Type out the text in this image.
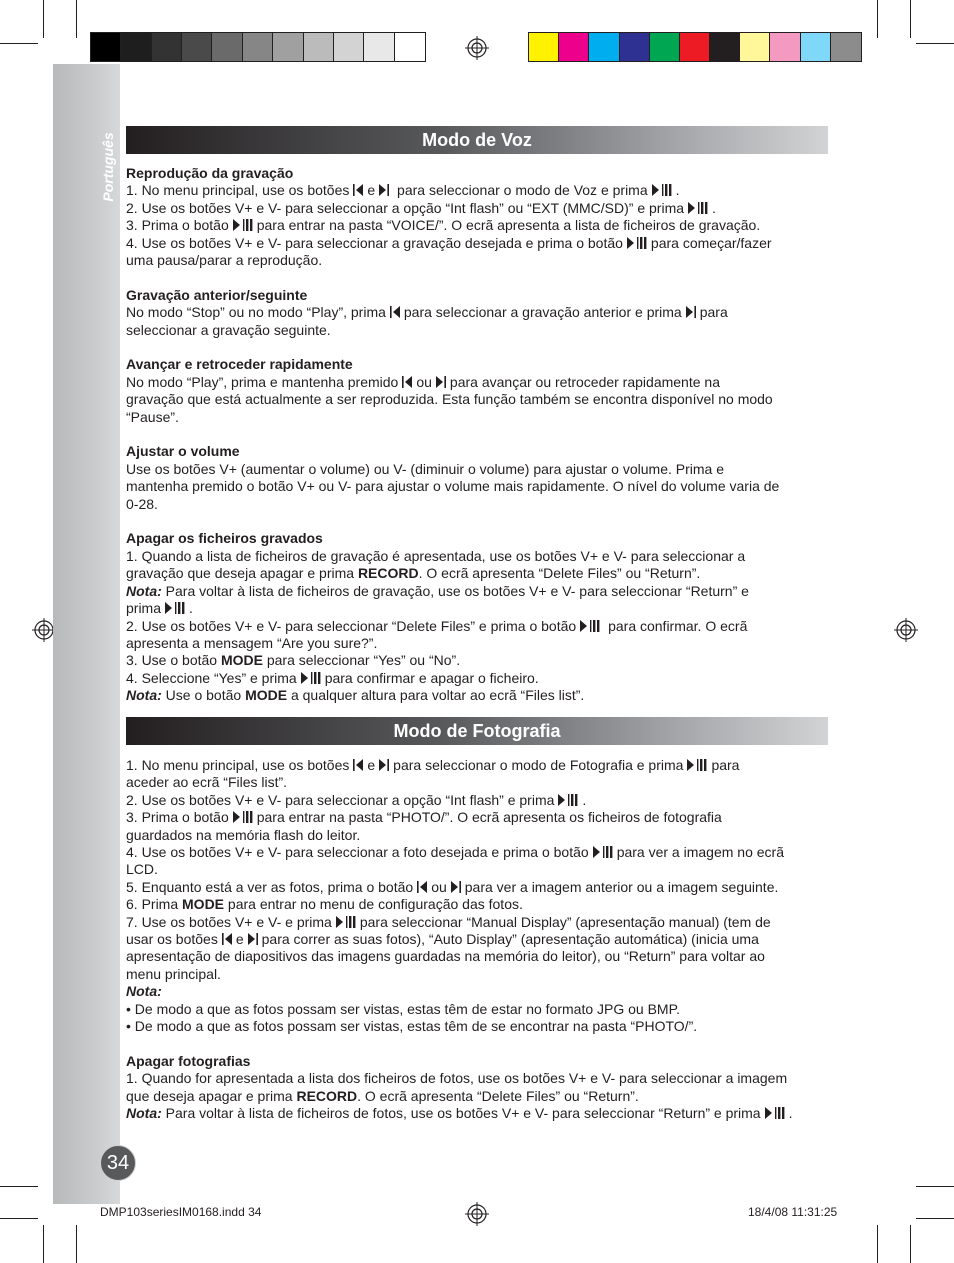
Português
34
Modo de Voz

Reprodução da gravação

1. No menu principal, use os botões e para seleccionar o modo de Voz e prima .

2. Use os botões V+ e V- para seleccionar a opção “Int flash” ou “EXT (MMC/SD)” e prima .

3. Prima o botão para entrar na pasta “VOICE/”. O ecrã apresenta a lista de ficheiros de gravação.

4. Use os botões V+ e V- para seleccionar a gravação desejada e prima o botão para começar/fazer

uma pausa/parar a reprodução.

Gravação anterior/seguinte

No modo “Stop” ou no modo “Play”, prima para seleccionar a gravação anterior e prima para

seleccionar a gravação seguinte.

Avançar e retroceder rapidamente

No modo “Play”, prima e mantenha premido ou para avançar ou retroceder rapidamente na

gravação que está actualmente a ser reproduzida. Esta função também se encontra disponível no modo

“Pause”.

Ajustar o volume

Use os botões V+ (aumentar o volume) ou V- (diminuir o volume) para ajustar o volume. Prima e

mantenha premido o botão V+ ou V- para ajustar o volume mais rapidamente. O nível do volume varia de

0-28.

Apagar os ficheiros gravados

1. Quando a lista de ficheiros de gravação é apresentada, use os botões V+ e V- para seleccionar a

gravação que deseja apagar e prima RECORD. O ecrã apresenta “Delete Files” ou “Return”.

Nota: Para voltar à lista de ficheiros de gravação, use os botões V+ e V- para seleccionar “Return” e

prima .

2. Use os botões V+ e V- para seleccionar “Delete Files” e prima o botão para confirmar. O ecrã

apresenta a mensagem “Are you sure?”.

3. Use o botão MODE para seleccionar “Yes” ou “No”.

4. Seleccione “Yes” e prima para confirmar e apagar o ficheiro.

Nota: Use o botão MODE a qualquer altura para voltar ao ecrã “Files list”.

Modo de Fotografia

1. No menu principal, use os botões e para seleccionar o modo de Fotografia e prima para

aceder ao ecrã “Files list”.

2. Use os botões V+ e V- para seleccionar a opção “Int flash” e prima .

3. Prima o botão para entrar na pasta “PHOTO/”. O ecrã apresenta os ficheiros de fotografia

guardados na memória flash do leitor.

4. Use os botões V+ e V- para seleccionar a foto desejada e prima o botão para ver a imagem no ecrã

LCD.

5. Enquanto está a ver as fotos, prima o botão ou para ver a imagem anterior ou a imagem seguinte.

6. Prima MODE para entrar no menu de configuração das fotos.

7. Use os botões V+ e V- e prima para seleccionar “Manual Display” (apresentação manual) (tem de

usar os botões e para correr as suas fotos), “Auto Display” (apresentação automática) (inicia uma

apresentação de diapositivos das imagens guardadas na memória do leitor), ou “Return” para voltar ao

menu principal.

Nota:

• De modo a que as fotos possam ser vistas, estas têm de estar no formato JPG ou BMP.

• De modo a que as fotos possam ser vistas, estas têm de se encontrar na pasta “PHOTO/”.

Apagar fotografias

1. Quando for apresentada a lista dos ficheiros de fotos, use os botões V+ e V- para seleccionar a imagem

que deseja apagar e prima RECORD. O ecrã apresenta “Delete Files” ou “Return”.

Nota: Para voltar à lista de ficheiros de fotos, use os botões V+ e V- para seleccionar “Return” e prima .

DMP103seriesIM0168.indd 34	18/4/08 11:31:25
